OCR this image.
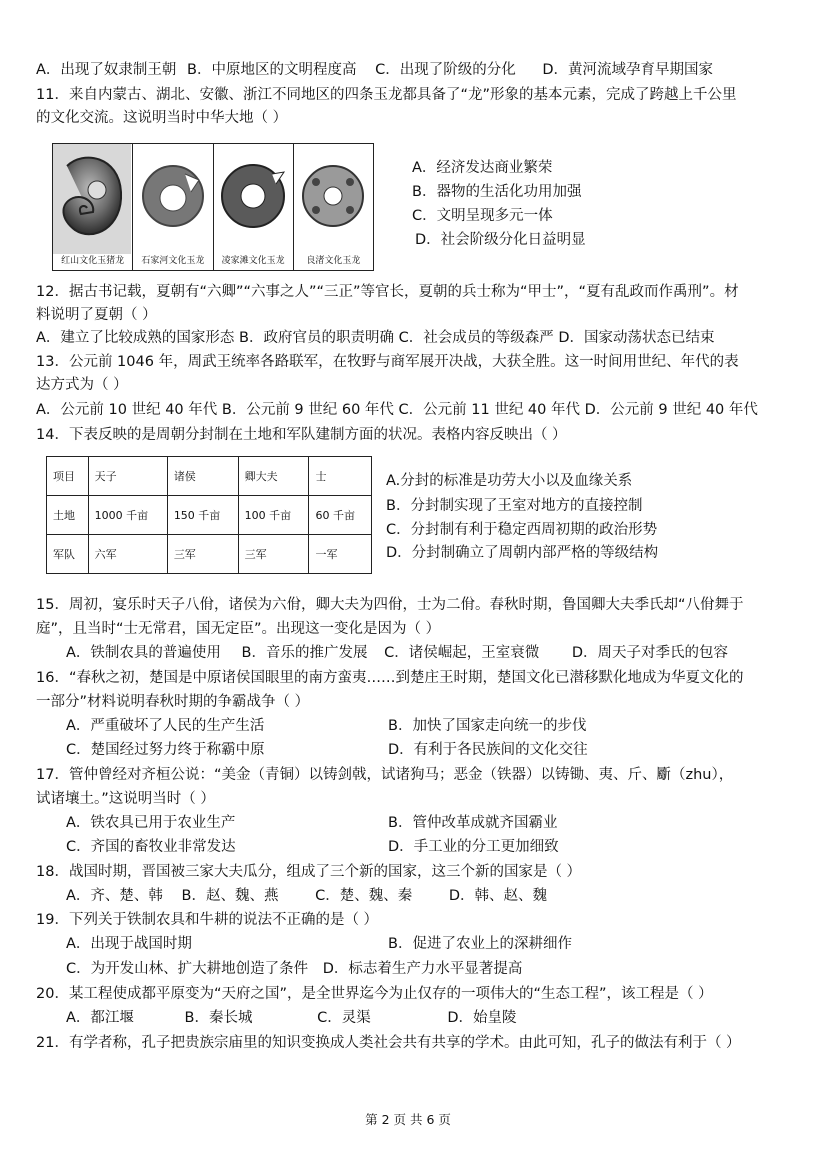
A．出现了奴隶制王朝 B．中原地区的文明程度高 C．出现了阶级的分化 D．黄河流域孕育早期国家
11．来自内蒙古、湖北、安徽、浙江不同地区的四条玉龙都具备了“龙”形象的基本元素，完成了跨越上千公里
的文化交流。这说明当时中华大地（ ）
红山文化玉猪龙	石家河文化玉龙	凌家滩文化玉龙	良渚文化玉龙
A．经济发达商业繁荣
B．器物的生活化功用加强
C．文明呈现多元一体
D．社会阶级分化日益明显
12．据古书记载，夏朝有“六卿”“六事之人”“三正”等官长，夏朝的兵士称为“甲士”，“夏有乱政而作禹刑”。材
料说明了夏朝（ ）
A．建立了比较成熟的国家形态 B．政府官员的职责明确 C．社会成员的等级森严 D．国家动荡状态已结束
13．公元前 1046 年，周武王统率各路联军，在牧野与商军展开决战，大获全胜。这一时间用世纪、年代的表
达方式为（ ）
A．公元前 10 世纪 40 年代 B．公元前 9 世纪 60 年代 C．公元前 11 世纪 40 年代 D．公元前 9 世纪 40 年代
14．下表反映的是周朝分封制在土地和军队建制方面的状况。表格内容反映出（ ）
项目	天子	诸侯	卿大夫	士
土地	1000 千亩	150 千亩	100 千亩	60 千亩
军队	六军	三军	三军	一军
A.分封的标准是功劳大小以及血缘关系
B．分封制实现了王室对地方的直接控制
C．分封制有利于稳定西周初期的政治形势
D．分封制确立了周朝内部严格的等级结构
15．周初，宴乐时天子八佾，诸侯为六佾，卿大夫为四佾，士为二佾。春秋时期，鲁国卿大夫季氏却“八佾舞于
庭”，且当时“士无常君，国无定臣”。出现这一变化是因为（ ）
A．铁制农具的普遍使用 B．音乐的推广发展 C．诸侯崛起，王室衰微 D．周天子对季氏的包容
16．“春秋之初，楚国是中原诸侯国眼里的南方蛮夷……到楚庄王时期，楚国文化已潜移默化地成为华夏文化的
一部分”材料说明春秋时期的争霸战争（ ）
A．严重破坏了人民的生产生活	B．加快了国家走向统一的步伐
C．楚国经过努力终于称霸中原	D．有利于各民族间的文化交往
17．管仲曾经对齐桓公说：“美金（青铜）以铸剑戟，试诸狗马；恶金（铁器）以铸锄、夷、斤、斸（zhu），
试诸壤土。”这说明当时（ ）
A．铁农具已用于农业生产	B．管仲改革成就齐国霸业
C．齐国的畜牧业非常发达	D．手工业的分工更加细致
18．战国时期，晋国被三家大夫瓜分，组成了三个新的国家，这三个新的国家是（ ）
A．齐、楚、韩 B．赵、魏、燕	C．楚、魏、秦	D．韩、赵、魏
19．下列关于铁制农具和牛耕的说法不正确的是（ ）
A．出现于战国时期	B．促进了农业上的深耕细作
C．为开发山林、扩大耕地创造了条件 D．标志着生产力水平显著提高
20．某工程使成都平原变为“天府之国”，是全世界迄今为止仅存的一项伟大的“生态工程”，该工程是（ ）
A．都江堰	B．秦长城	C．灵渠	D．始皇陵
21．有学者称，孔子把贵族宗庙里的知识变换成人类社会共有共享的学术。由此可知，孔子的做法有利于（ ）
第 2 页 共 6 页
